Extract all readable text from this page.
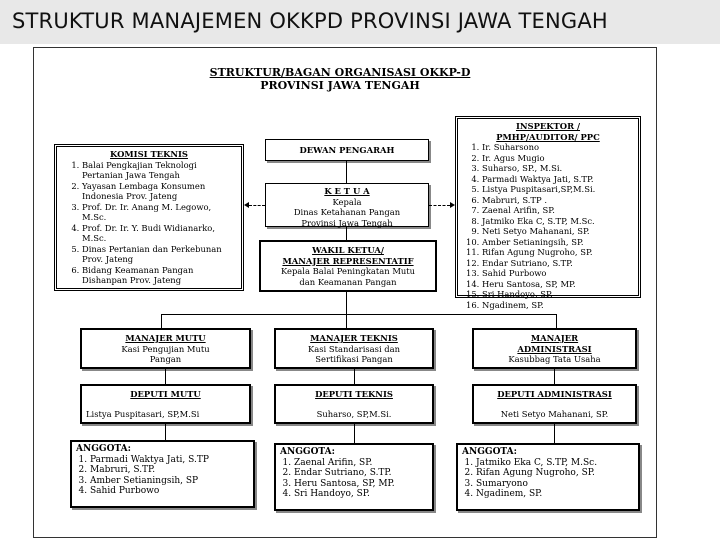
STRUKTUR MANAJEMEN OKKPD PROVINSI JAWA TENGAH
STRUKTUR/BAGAN ORGANISASI OKKP-D
PROVINSI JAWA TENGAH
KOMISI TEKNIS
1. Balai Pengkajian Teknologi Pertanian Jawa Tengah
2. Yayasan Lembaga Konsumen Indonesia Prov. Jateng
3. Prof. Dr. Ir. Anang M. Legowo, M.Sc.
4. Prof. Dr. Ir. Y. Budi Widianarko, M.Sc.
5. Dinas Pertanian dan Perkebunan Prov. Jateng
6. Bidang Keamanan Pangan Dishanpan Prov. Jateng
DEWAN PENGARAH
K E T U A
Kepala
Dinas Ketahanan Pangan
Provinsi Jawa Tengah
WAKIL KETUA/
MANAJER REPRESENTATIF
Kepala Balai Peningkatan Mutu
dan Keamanan Pangan
INSPEKTOR /
PMHP/AUDITOR/ PPC
1. Ir. Suharsono
2. Ir. Agus Mugio
3. Suharso, SP., M.Si.
4. Parmadi Waktya Jati, S.TP.
5. Listya Puspitasari,SP,M.Si.
6. Mabruri, S.TP .
7. Zaenal Arifin, SP.
8. Jatmiko Eka C, S.TP, M.Sc.
9. Neti Setyo Mahanani, SP.
10. Amber Setianingsih, SP.
11. Rifan Agung Nugroho, SP.
12. Endar Sutriano, S.TP.
13. Sahid Purbowo
14. Heru Santosa, SP, MP.
15. Sri Handoyo, SP.
16. Ngadinem, SP.
MANAJER MUTU
Kasi Pengujian Mutu
Pangan
MANAJER TEKNIS
Kasi Standarisasi dan
Sertifikasi Pangan
MANAJER
ADMINISTRASI
Kasubbag Tata Usaha
DEPUTI MUTU
Listya Puspitasari, SP,M.Si
DEPUTI TEKNIS
Suharso, SP,M.Si.
DEPUTI ADMINISTRASI
Neti Setyo Mahanani, SP.
ANGGOTA:
1. Parmadi Waktya Jati, S.TP
2. Mabruri, S.TP.
3. Amber Setianingsih, SP
4. Sahid Purbowo
ANGGOTA:
1. Zaenal Arifin, SP.
2. Endar Sutriano, S.TP.
3. Heru Santosa, SP, MP.
4. Sri Handoyo, SP.
ANGGOTA:
1. Jatmiko Eka C, S.TP, M.Sc.
2. Rifan Agung Nugroho, SP.
3. Sumaryono
4. Ngadinem, SP.
